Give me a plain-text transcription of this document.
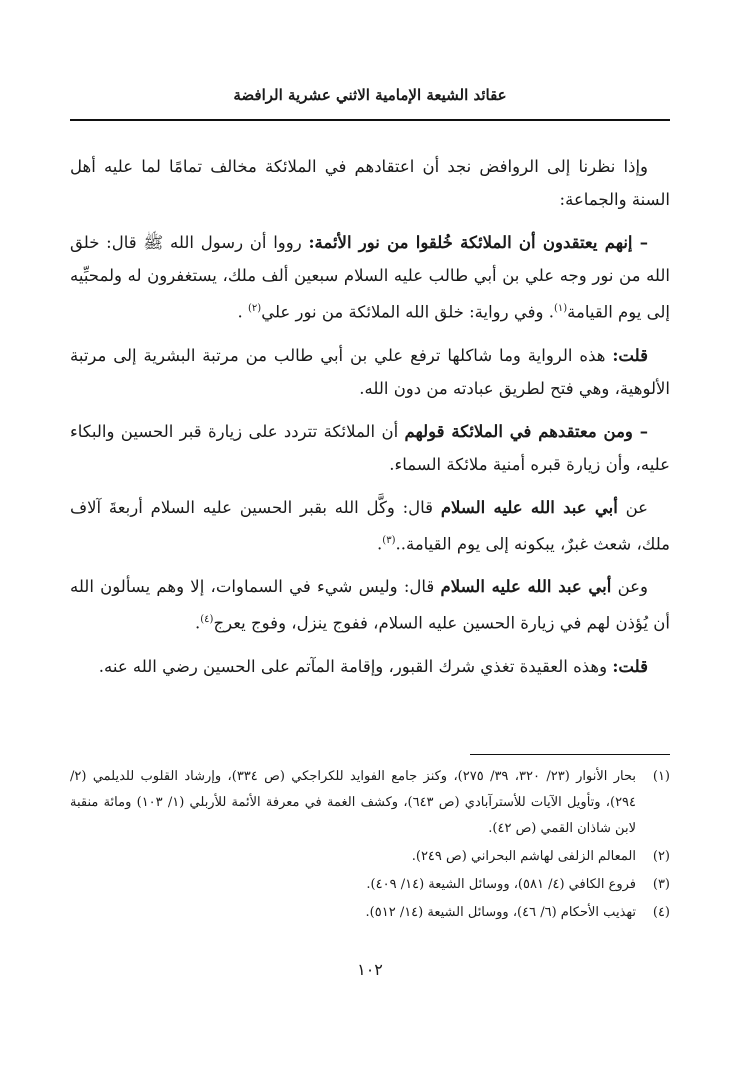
عقائد الشيعة الإمامية الاثني عشرية الرافضة

وإذا نظرنا إلى الروافض نجد أن اعتقادهم في الملائكة مخالف تمامًا لما عليه أهل السنة والجماعة:

– إنهم يعتقدون أن الملائكة خُلقوا من نور الأئمة: رووا أن رسول الله ﷺ قال: خلق الله من نور وجه علي بن أبي طالب عليه السلام سبعين ألف ملك، يستغفرون له ولمحبِّيه إلى يوم القيامة$^{(١)}$. وفي رواية: خلق الله الملائكة من نور علي$^{(٢)}$ .

قلت: هذه الرواية وما شاكلها ترفع علي بن أبي طالب من مرتبة البشرية إلى مرتبة الألوهية، وهي فتح لطريق عبادته من دون الله.

– ومن معتقدهم في الملائكة قولهم أن الملائكة تتردد على زيارة قبر الحسين والبكاء عليه، وأن زيارة قبره أمنية ملائكة السماء.

عن أبي عبد الله عليه السلام قال: وكَّل الله بقبر الحسين عليه السلام أربعةَ آلاف ملك، شعث غبرٌ، يبكونه إلى يوم القيامة..$^{(٣)}$.

وعن أبي عبد الله عليه السلام قال: وليس شيء في السماوات، إلا وهم يسألون الله أن يُؤذن لهم في زيارة الحسين عليه السلام، ففوج ينزل، وفوج يعرج$^{(٤)}$.

قلت: وهذه العقيدة تغذي شرك القبور، وإقامة المآتم على الحسين رضي الله عنه.

(١)
بحار الأنوار (٢٣/ ٣٢٠، ٣٩/ ٢٧٥)، وكنز جامع الفوايد للكراجكي (ص ٣٣٤)، وإرشاد القلوب للديلمي (٢/ ٢٩٤)، وتأويل الآيات للأسترآبادي (ص ٦٤٣)، وكشف الغمة في معرفة الأئمة للأربلي (١/ ١٠٣) ومائة منقبة لابن شاذان القمي (ص ٤٢).
(٢)
المعالم الزلفى لهاشم البحراني (ص ٢٤٩).
(٣)
فروع الكافي (٤/ ٥٨١)، ووسائل الشيعة (١٤/ ٤٠٩).
(٤)
تهذيب الأحكام (٦/ ٤٦)، ووسائل الشيعة (١٤/ ٥١٢).
١٠٢
